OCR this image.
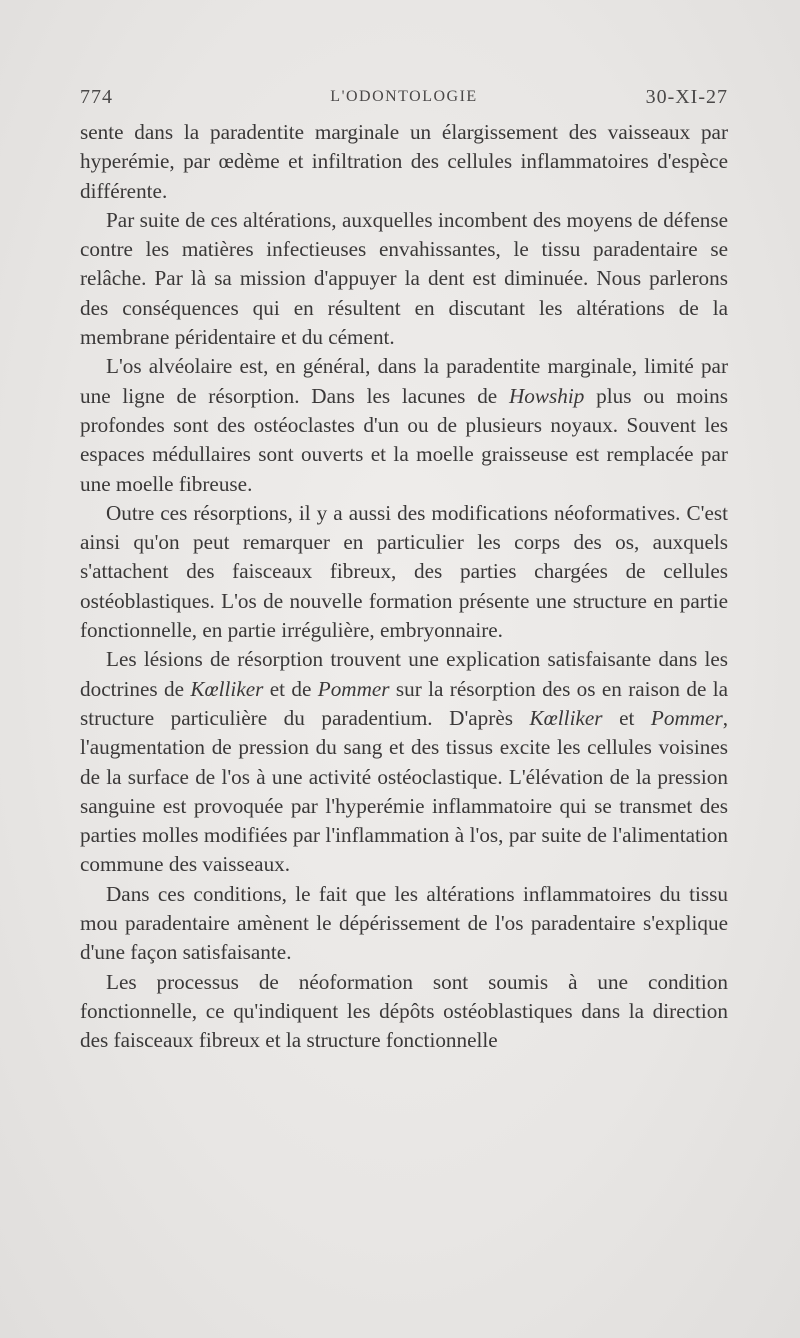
774	L'ODONTOLOGIE	30-XI-27

sente dans la paradentite marginale un élargissement des vaisseaux par hyperémie, par œdème et infiltration des cellules inflammatoires d'espèce différente.

Par suite de ces altérations, auxquelles incombent des moyens de défense contre les matières infectieuses envahissantes, le tissu paradentaire se relâche. Par là sa mission d'appuyer la dent est diminuée. Nous parlerons des conséquences qui en résultent en discutant les altérations de la membrane péridentaire et du cément.

L'os alvéolaire est, en général, dans la paradentite marginale, limité par une ligne de résorption. Dans les lacunes de Howship plus ou moins profondes sont des ostéoclastes d'un ou de plusieurs noyaux. Souvent les espaces médullaires sont ouverts et la moelle graisseuse est remplacée par une moelle fibreuse.

Outre ces résorptions, il y a aussi des modifications néoformatives. C'est ainsi qu'on peut remarquer en particulier les corps des os, auxquels s'attachent des faisceaux fibreux, des parties chargées de cellules ostéoblastiques. L'os de nouvelle formation présente une structure en partie fonctionnelle, en partie irrégulière, embryonnaire.

Les lésions de résorption trouvent une explication satisfaisante dans les doctrines de Kœlliker et de Pommer sur la résorption des os en raison de la structure particulière du paradentium. D'après Kœlliker et Pommer, l'augmentation de pression du sang et des tissus excite les cellules voisines de la surface de l'os à une activité ostéoclastique. L'élévation de la pression sanguine est provoquée par l'hyperémie inflammatoire qui se transmet des parties molles modifiées par l'inflammation à l'os, par suite de l'alimentation commune des vaisseaux.

Dans ces conditions, le fait que les altérations inflammatoires du tissu mou paradentaire amènent le dépérissement de l'os paradentaire s'explique d'une façon satisfaisante.

Les processus de néoformation sont soumis à une condition fonctionnelle, ce qu'indiquent les dépôts ostéoblastiques dans la direction des faisceaux fibreux et la structure fonctionnelle
